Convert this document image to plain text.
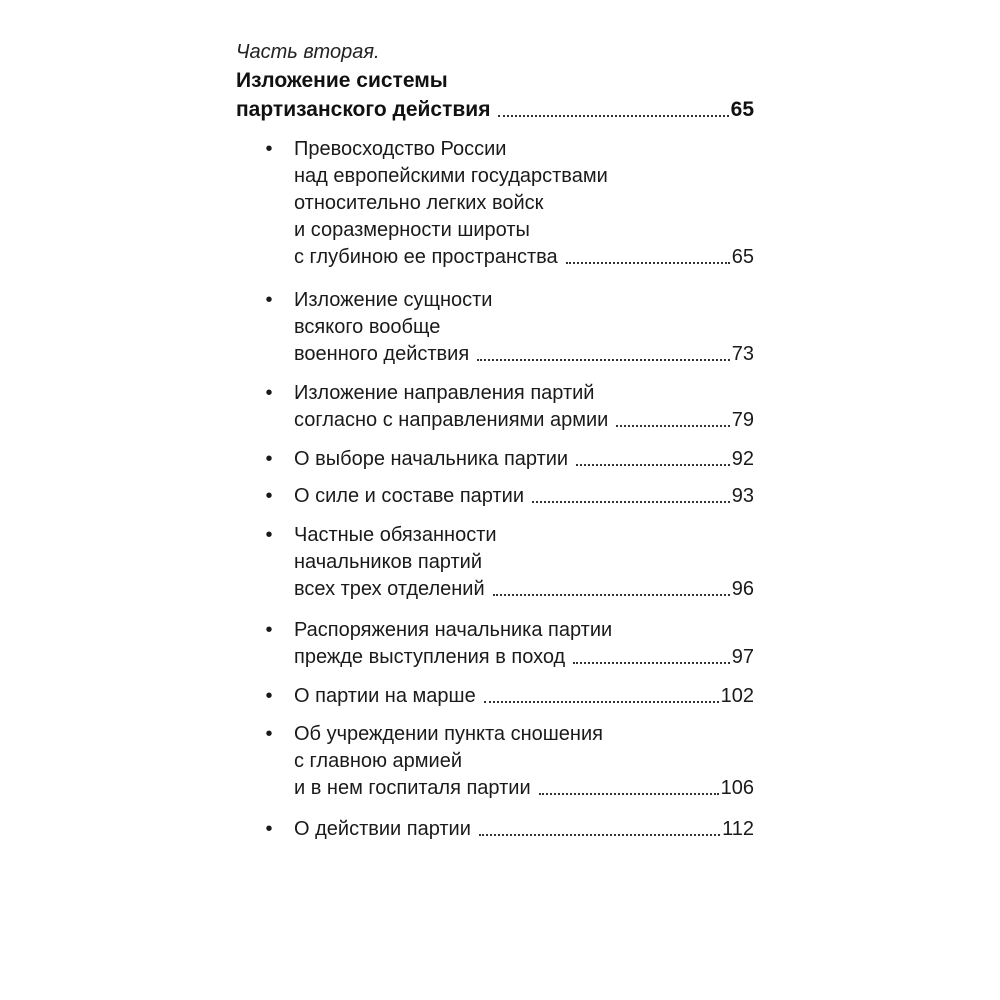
Часть вторая.
Изложение системы
партизанского действия	65
• Превосходство России
над европейскими государствами
относительно легких войск
и соразмерности широты
с глубиною ее пространства	65
• Изложение сущности
всякого вообще
военного действия	73
• Изложение направления партий
согласно с направлениями армии	79
• О выборе начальника партии	92
• О силе и составе партии	93
• Частные обязанности
начальников партий
всех трех отделений	96
• Распоряжения начальника партии
прежде выступления в поход	97
• О партии на марше	102
• Об учреждении пункта сношения
с главною армией
и в нем госпиталя партии	106
• О действии партии	112
